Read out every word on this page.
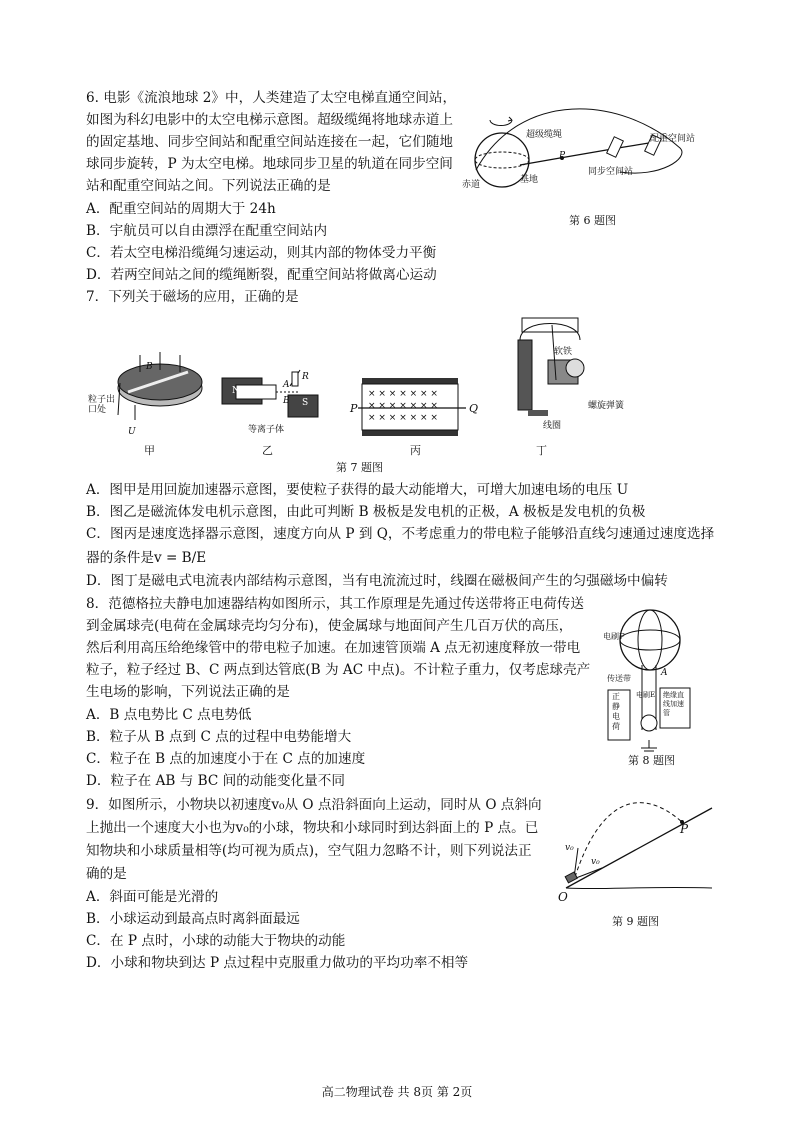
6. 电影《流浪地球 2》中，人类建造了太空电梯直通空间站，
如图为科幻电影中的太空电梯示意图。超级缆绳将地球赤道上
的固定基地、同步空间站和配重空间站连接在一起，它们随地
球同步旋转，P 为太空电梯。地球同步卫星的轨道在同步空间
站和配重空间站之间。下列说法正确的是
A．配重空间站的周期大于 24h
B．宇航员可以自由漂浮在配重空间站内
C．若太空电梯沿缆绳匀速运动，则其内部的物体受力平衡
D．若两空间站之间的缆绳断裂，配重空间站将做离心运动
超级缆绳	配重空间站
P
同步空间站
赤道	基地
第 6 题图
7．下列关于磁场的应用，正确的是
× × × × × × ×
× × × × × × ×
× × × × × × ×
粒子出口处
B
U
N
S
A
B
R
等离子体
P	Q
软铁
螺旋弹簧
线圈
甲	乙	丙	丁
第 7 题图
A．图甲是用回旋加速器示意图，要使粒子获得的最大动能增大，可增大加速电场的电压 U
B．图乙是磁流体发电机示意图，由此可判断 B 极板是发电机的正极，A 极板是发电机的负极
C．图丙是速度选择器示意图，速度方向从 P 到 Q，不考虑重力的带电粒子能够沿直线匀速通过速度选择
器的条件是v = B/E
D．图丁是磁电式电流表内部结构示意图，当有电流流过时，线圈在磁极间产生的匀强磁场中偏转
8．范德格拉夫静电加速器结构如图所示，其工作原理是先通过传送带将正电荷传送
到金属球壳(电荷在金属球壳均匀分布)，使金属球与地面间产生几百万伏的高压，
然后利用高压给绝缘管中的带电粒子加速。在加速管顶端 A 点无初速度释放一带电
粒子，粒子经过 B、C 两点到达管底(B 为 AC 中点)。不计粒子重力，仅考虑球壳产
生电场的影响，下列说法正确的是
A．B 点电势比 C 点电势低
B．粒子从 B 点到 C 点的过程中电势能增大
C．粒子在 B 点的加速度小于在 C 点的加速度
D．粒子在 AB 与 BC 间的动能变化量不同
电刷F
传送带
正静电荷
电刷E 绝缘直线加速管
A
第 8 题图
9．如图所示，小物块以初速度v₀从 O 点沿斜面向上运动，同时从 O 点斜向
上抛出一个速度大小也为v₀的小球，物块和小球同时到达斜面上的 P 点。已
知物块和小球质量相等(均可视为质点)，空气阻力忽略不计，则下列说法正
确的是
A．斜面可能是光滑的
B．小球运动到最高点时离斜面最远
C．在 P 点时，小球的动能大于物块的动能
D．小球和物块到达 P 点过程中克服重力做功的平均功率不相等
v₀
v₀
P
O
第 9 题图
高二物理试卷 共 8页 第 2页
